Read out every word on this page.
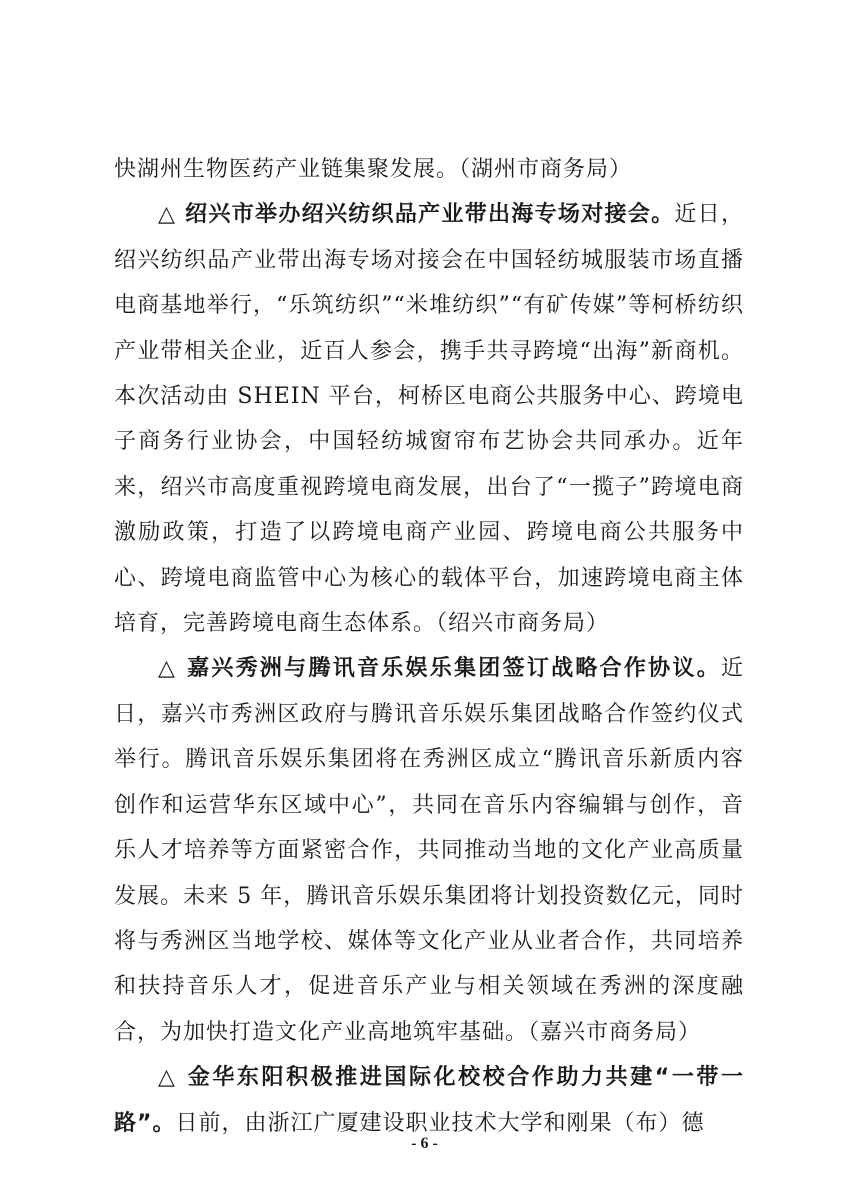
快湖州生物医药产业链集聚发展。（湖州市商务局）

△ 绍兴市举办绍兴纺织品产业带出海专场对接会。近日，绍兴纺织品产业带出海专场对接会在中国轻纺城服装市场直播电商基地举行，“乐筑纺织”“米堆纺织”“有矿传媒”等柯桥纺织产业带相关企业，近百人参会，携手共寻跨境“出海”新商机。本次活动由 SHEIN 平台，柯桥区电商公共服务中心、跨境电子商务行业协会，中国轻纺城窗帘布艺协会共同承办。近年来，绍兴市高度重视跨境电商发展，出台了“一揽子”跨境电商激励政策，打造了以跨境电商产业园、跨境电商公共服务中心、跨境电商监管中心为核心的载体平台，加速跨境电商主体培育，完善跨境电商生态体系。（绍兴市商务局）

△ 嘉兴秀洲与腾讯音乐娱乐集团签订战略合作协议。近日，嘉兴市秀洲区政府与腾讯音乐娱乐集团战略合作签约仪式举行。腾讯音乐娱乐集团将在秀洲区成立“腾讯音乐新质内容创作和运营华东区域中心”，共同在音乐内容编辑与创作，音乐人才培养等方面紧密合作，共同推动当地的文化产业高质量发展。未来 5 年，腾讯音乐娱乐集团将计划投资数亿元，同时将与秀洲区当地学校、媒体等文化产业从业者合作，共同培养和扶持音乐人才，促进音乐产业与相关领域在秀洲的深度融合，为加快打造文化产业高地筑牢基础。（嘉兴市商务局）

△ 金华东阳积极推进国际化校校合作助力共建“一带一路”。日前，由浙江广厦建设职业技术大学和刚果（布）德

- 6 -
